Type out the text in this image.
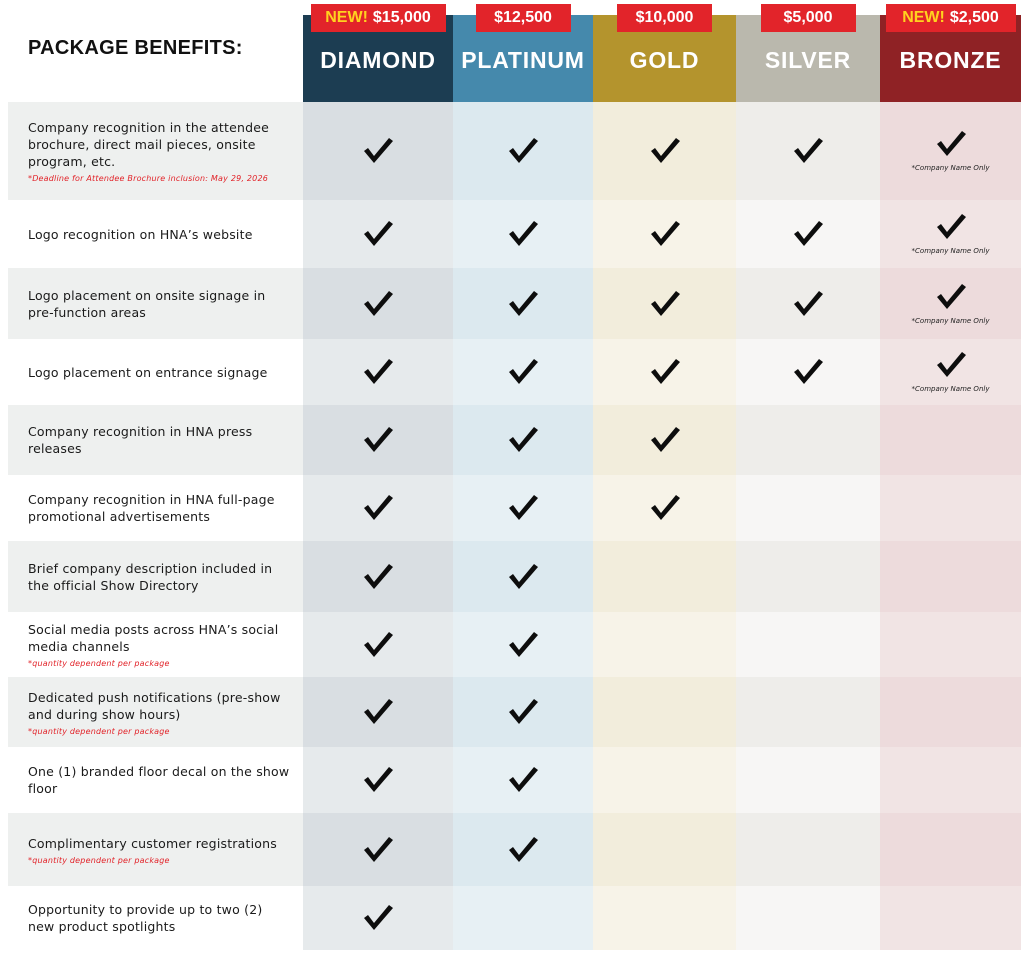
PACKAGE BENEFITS:	DIAMOND
NEW! $15,000
PLATINUM
$12,500
GOLD
$10,000
SILVER
$5,000
BRONZE
NEW! $2,500
Company recognition in the attendee brochure, direct mail pieces, onsite program, etc.
*Deadline for Attendee Brochure inclusion: May 29, 2026
*Company Name Only
Logo recognition on HNA’s website
*Company Name Only
Logo placement on onsite signage in pre-function areas
*Company Name Only
Logo placement on entrance signage
*Company Name Only
Company recognition in HNA press releases
Company recognition in HNA full-page promotional advertisements
Brief company description included in the official Show Directory
Social media posts across HNA’s social media channels
*quantity dependent per package
Dedicated push notifications (pre-show and during show hours)
*quantity dependent per package
One (1) branded floor decal on the show floor
Complimentary customer registrations
*quantity dependent per package
Opportunity to provide up to two (2) new product spotlights
